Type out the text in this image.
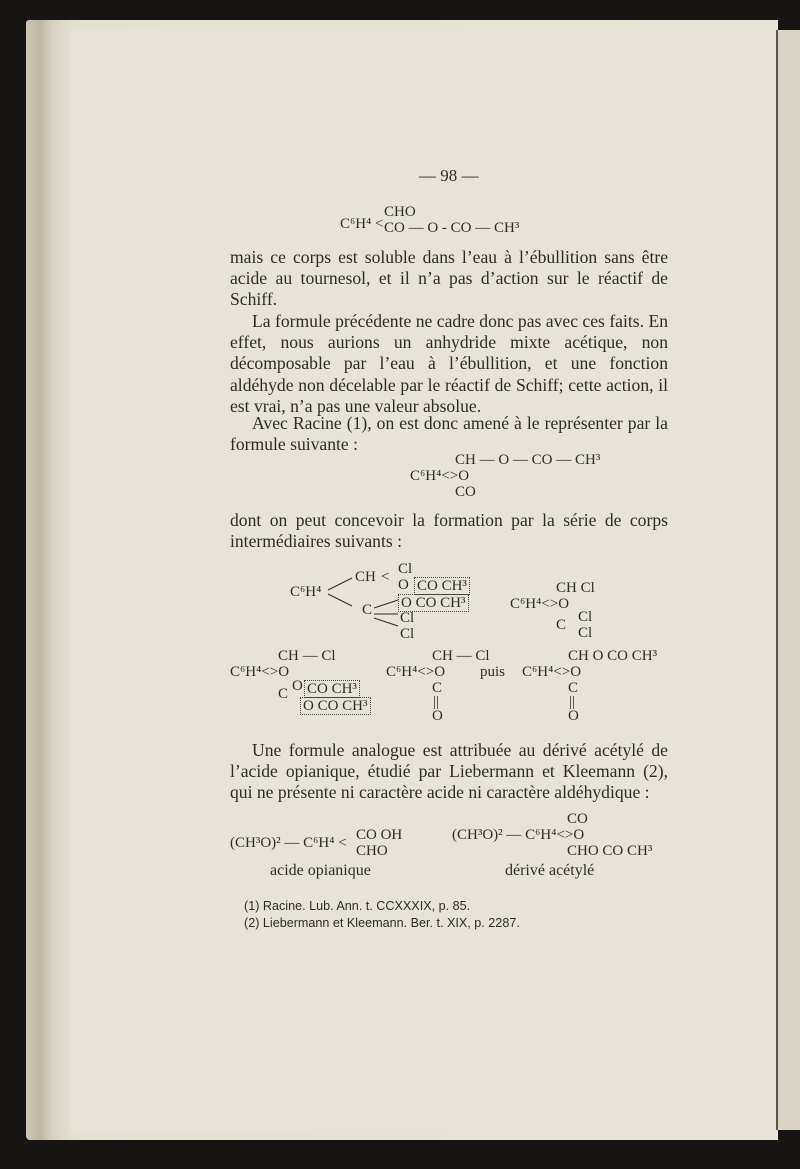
— 98 —
C⁶H⁴ <
CHO
CO — O - CO — CH³

mais ce corps est soluble dans l’eau à l’ébullition sans être acide au tournesol, et il n’a pas d’action sur le réactif de Schiff.

La formule précédente ne cadre donc pas avec ces faits. En effet, nous aurions un anhydride mixte acétique, non décomposable par l’eau à l’ébullition, et une fonction aldéhyde non décelable par le réactif de Schiff; cette action, il est vrai, n’a pas une valeur absolue.

Avec Racine (1), on est donc amené à le représenter par la formule suivante :

CH — O — CO — CH³
C⁶H⁴<>O
CO

dont on peut concevoir la formation par la série de corps intermédiaires suivants :

C⁶H⁴
CH < Cl
O CO CH³
C O CO CH³
Cl
Cl
CH Cl
C⁶H⁴<>O
C Cl
Cl
CH — Cl
C⁶H⁴<>O
C O CO CH³
O CO CH³
CH — Cl
C⁶H⁴<>O puis
C
||
O
CH O CO CH³
C⁶H⁴<>O
C
||
O

Une formule analogue est attribuée au dérivé acétylé de l’acide opianique, étudié par Liebermann et Kleemann (2), qui ne présente ni caractère acide ni caractère aldéhydique :

(CH³O)² — C⁶H⁴ < CO OH
CHO
acide opianique
CO
(CH³O)² — C⁶H⁴<>O
CHO CO CH³
dérivé acétylé
(1) Racine. Lub. Ann. t. CCXXXIX, p. 85.
(2) Liebermann et Kleemann. Ber. t. XIX, p. 2287.
